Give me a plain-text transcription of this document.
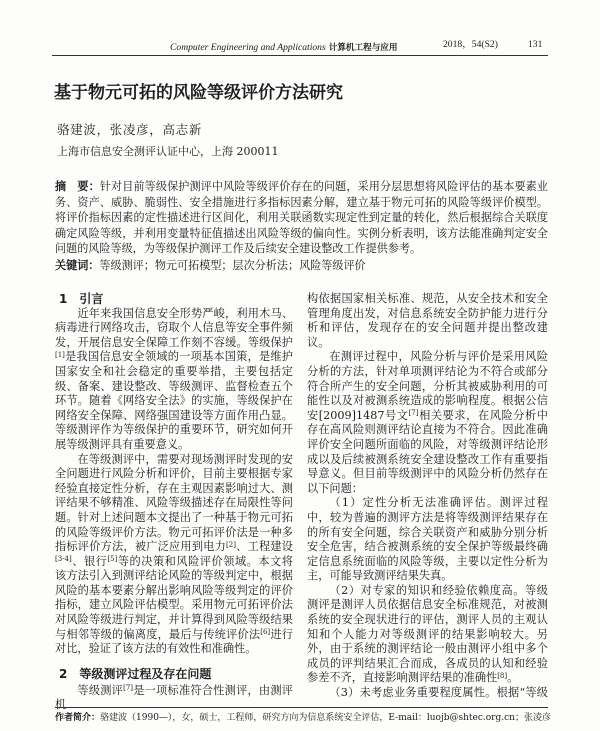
Computer Engineering and Applications 计算机工程与应用	2018，54(S2)	131
基于物元可拓的风险等级评价方法研究
骆建波，张凌彦，高志新
上海市信息安全测评认证中心，上海 200011
摘　要：针对目前等级保护测评中风险等级评价存在的问题，采用分层思想将风险评估的基本要素业务、资产、威胁、脆弱性、安全措施进行多指标因素分解，建立基于物元可拓的风险等级评价模型。将评价指标因素的定性描述进行区间化，利用关联函数实现定性到定量的转化，然后根据综合关联度确定风险等级，并利用变量特征值描述出风险等级的偏向性。实例分析表明，该方法能准确判定安全问题的风险等级，为等级保护测评工作及后续安全建设整改工作提供参考。
关键词：等级测评；物元可拓模型；层次分析法；风险等级评价
1　引言

近年来我国信息安全形势严峻，利用木马、病毒进行网络攻击，窃取个人信息等安全事件频发，开展信息安全保障工作刻不容缓。等级保护[1]是我国信息安全领域的一项基本国策，是维护国家安全和社会稳定的重要举措，主要包括定级、备案、建设整改、等级测评、监督检查五个环节。随着《网络安全法》的实施，等级保护在网络安全保障、网络强国建设等方面作用凸显。等级测评作为等级保护的重要环节，研究如何开展等级测评具有重要意义。

在等级测评中，需要对现场测评时发现的安全问题进行风险分析和评价，目前主要根据专家经验直接定性分析，存在主观因素影响过大、测评结果不够精准、风险等级描述存在局限性等问题。针对上述问题本文提出了一种基于物元可拓的风险等级评价方法。物元可拓评价法是一种多指标评价方法，被广泛应用到电力[2]、工程建设[3-4]、银行[5]等的决策和风险评价领域。本文将该方法引入到测评结论风险的等级判定中，根据风险的基本要素分解出影响风险等级判定的评价指标，建立风险评估模型。采用物元可拓评价法对风险等级进行判定，并计算得到风险等级结果与相邻等级的偏离度，最后与传统评价法[6]进行对比，验证了该方法的有效性和准确性。

2　等级测评过程及存在问题

等级测评[7]是一项标准符合性测评，由测评机

构依据国家相关标准、规范，从安全技术和安全管理角度出发，对信息系统安全防护能力进行分析和评估，发现存在的安全问题并提出整改建议。

在测评过程中，风险分析与评价是采用风险分析的方法，针对单项测评结论为不符合或部分符合所产生的安全问题，分析其被威胁利用的可能性以及对被测系统造成的影响程度。根据公信安[2009]1487号文[7]相关要求，在风险分析中存在高风险则测评结论直接为不符合。因此准确评价安全问题所面临的风险，对等级测评结论形成以及后续被测系统安全建设整改工作有重要指导意义。但目前等级测评中的风险分析仍然存在以下问题：

（1）定性分析无法准确评估。测评过程中，较为普遍的测评方法是将等级测评结果存在的所有安全问题，综合关联资产和威胁分别分析安全危害，结合被测系统的安全保护等级最终确定信息系统面临的风险等级，主要以定性分析为主，可能导致测评结果失真。

（2）对专家的知识和经验依赖度高。等级测评是测评人员依据信息安全标准规范，对被测系统的安全现状进行的评估，测评人员的主观认知和个人能力对等级测评的结果影响较大。另外，由于系统的测评结论一般由测评小组中多个成员的评判结果汇合而成，各成员的认知和经验参差不齐，直接影响测评结果的准确性[8]。

（3）未考虑业务重要程度属性。根据“等级

作者简介：骆建波（1990—），女，硕士，工程师，研究方向为信息系统安全评估，E-mail：luojb@shtec.org.cn；张凌彦
